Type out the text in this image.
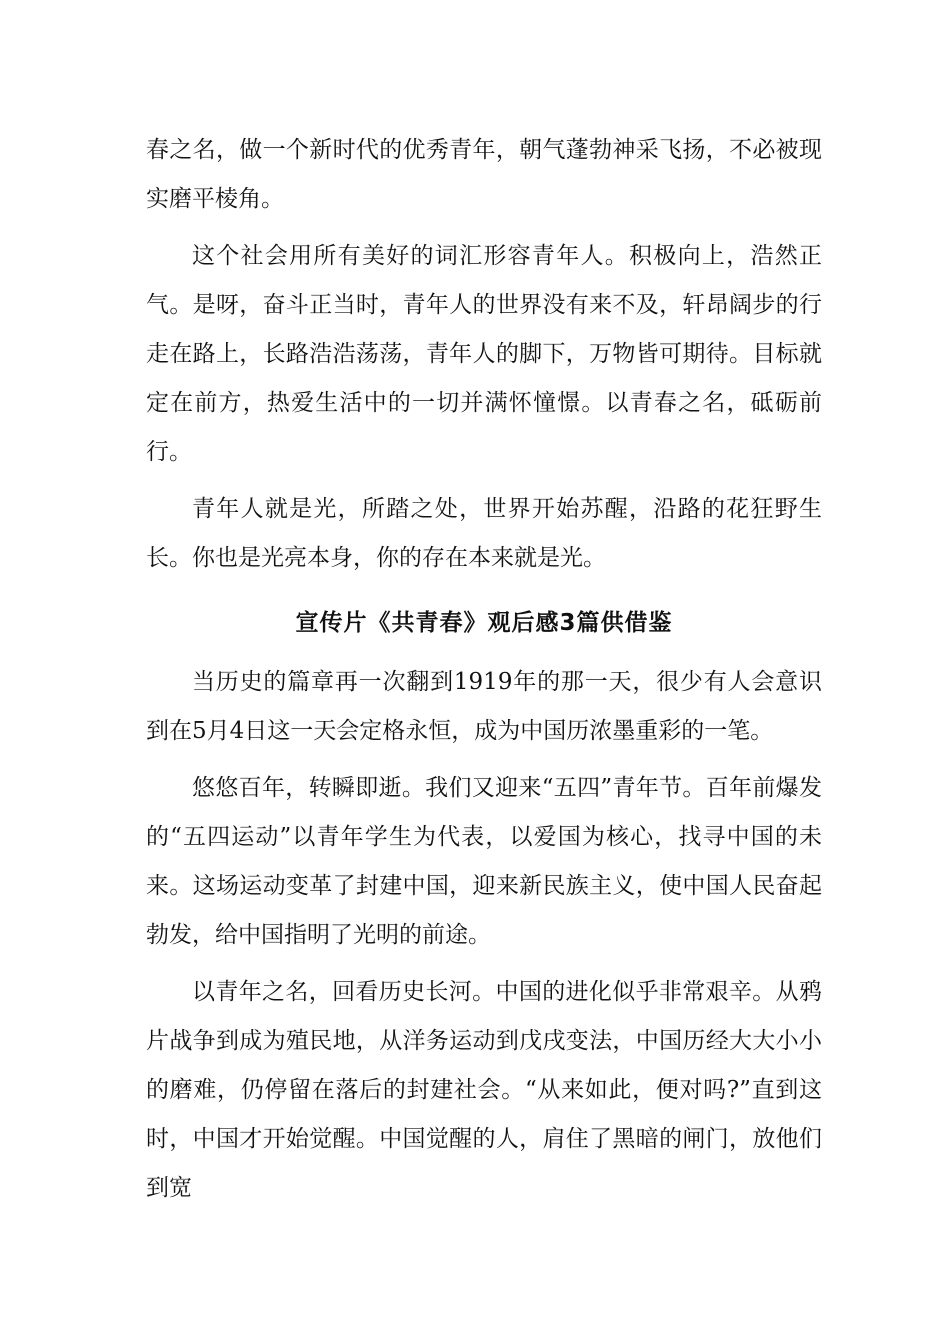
春之名，做一个新时代的优秀青年，朝气蓬勃神采飞扬，不必被现实磨平棱角。

这个社会用所有美好的词汇形容青年人。积极向上，浩然正气。是呀，奋斗正当时，青年人的世界没有来不及，轩昂阔步的行走在路上，长路浩浩荡荡，青年人的脚下，万物皆可期待。目标就定在前方，热爱生活中的一切并满怀憧憬。以青春之名，砥砺前行。

青年人就是光，所踏之处，世界开始苏醒，沿路的花狂野生长。你也是光亮本身，你的存在本来就是光。

宣传片《共青春》观后感3篇供借鉴

当历史的篇章再一次翻到1919年的那一天，很少有人会意识到在5月4日这一天会定格永恒，成为中国历浓墨重彩的一笔。

悠悠百年，转瞬即逝。我们又迎来“五四”青年节。百年前爆发的“五四运动”以青年学生为代表，以爱国为核心，找寻中国的未来。这场运动变革了封建中国，迎来新民族主义，使中国人民奋起勃发，给中国指明了光明的前途。

以青年之名，回看历史长河。中国的进化似乎非常艰辛。从鸦片战争到成为殖民地，从洋务运动到戊戌变法，中国历经大大小小的磨难，仍停留在落后的封建社会。“从来如此，便对吗?”直到这时，中国才开始觉醒。中国觉醒的人，肩住了黑暗的闸门，放他们到宽
